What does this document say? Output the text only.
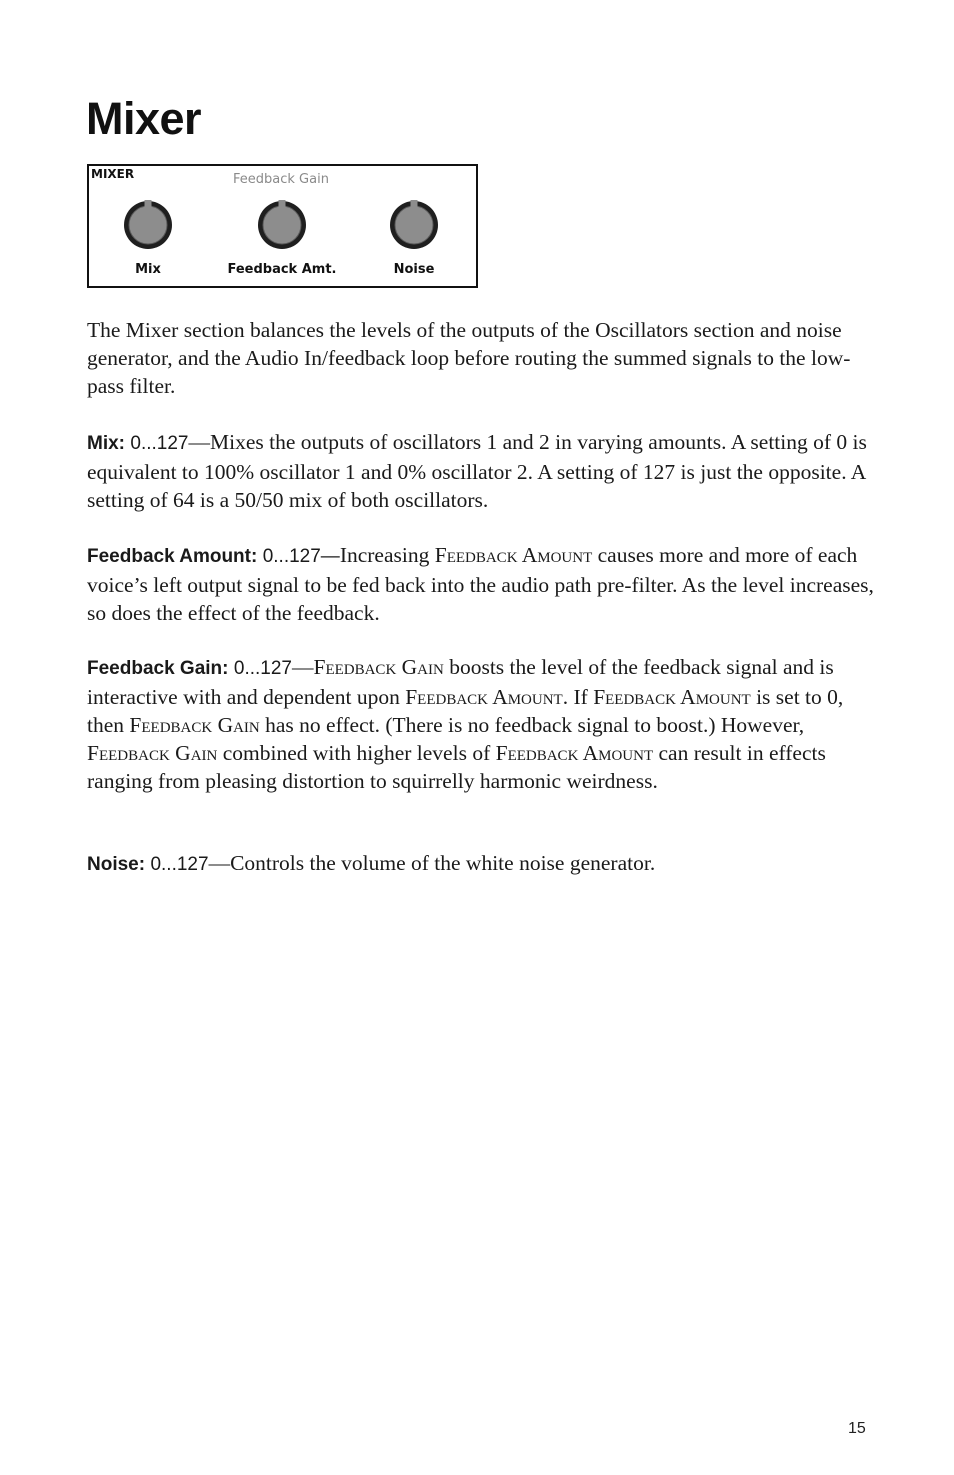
Mixer
MIXER	Feedback Gain
Mix	Feedback Amt.	Noise

The Mixer section balances the levels of the outputs of the Oscillators section and noise generator, and the Audio In/feedback loop before routing the summed signals to the low-pass filter.

Mix: 0...127—Mixes the outputs of oscillators 1 and 2 in varying amounts. A setting of 0 is equivalent to 100% oscillator 1 and 0% oscillator 2. A setting of 127 is just the opposite. A setting of 64 is a 50/50 mix of both oscillators.

Feedback Amount: 0...127—Increasing Feedback Amount causes more and more of each voice’s left output signal to be fed back into the audio path pre-filter. As the level increases, so does the effect of the feedback.

Feedback Gain: 0...127—Feedback Gain boosts the level of the feedback signal and is interactive with and dependent upon Feedback Amount. If Feedback Amount is set to 0, then Feedback Gain has no effect. (There is no feedback signal to boost.) However, Feedback Gain combined with higher levels of Feedback Amount can result in effects ranging from pleasing distortion to squirrelly harmonic weirdness.

Noise: 0...127—Controls the volume of the white noise generator.

15
